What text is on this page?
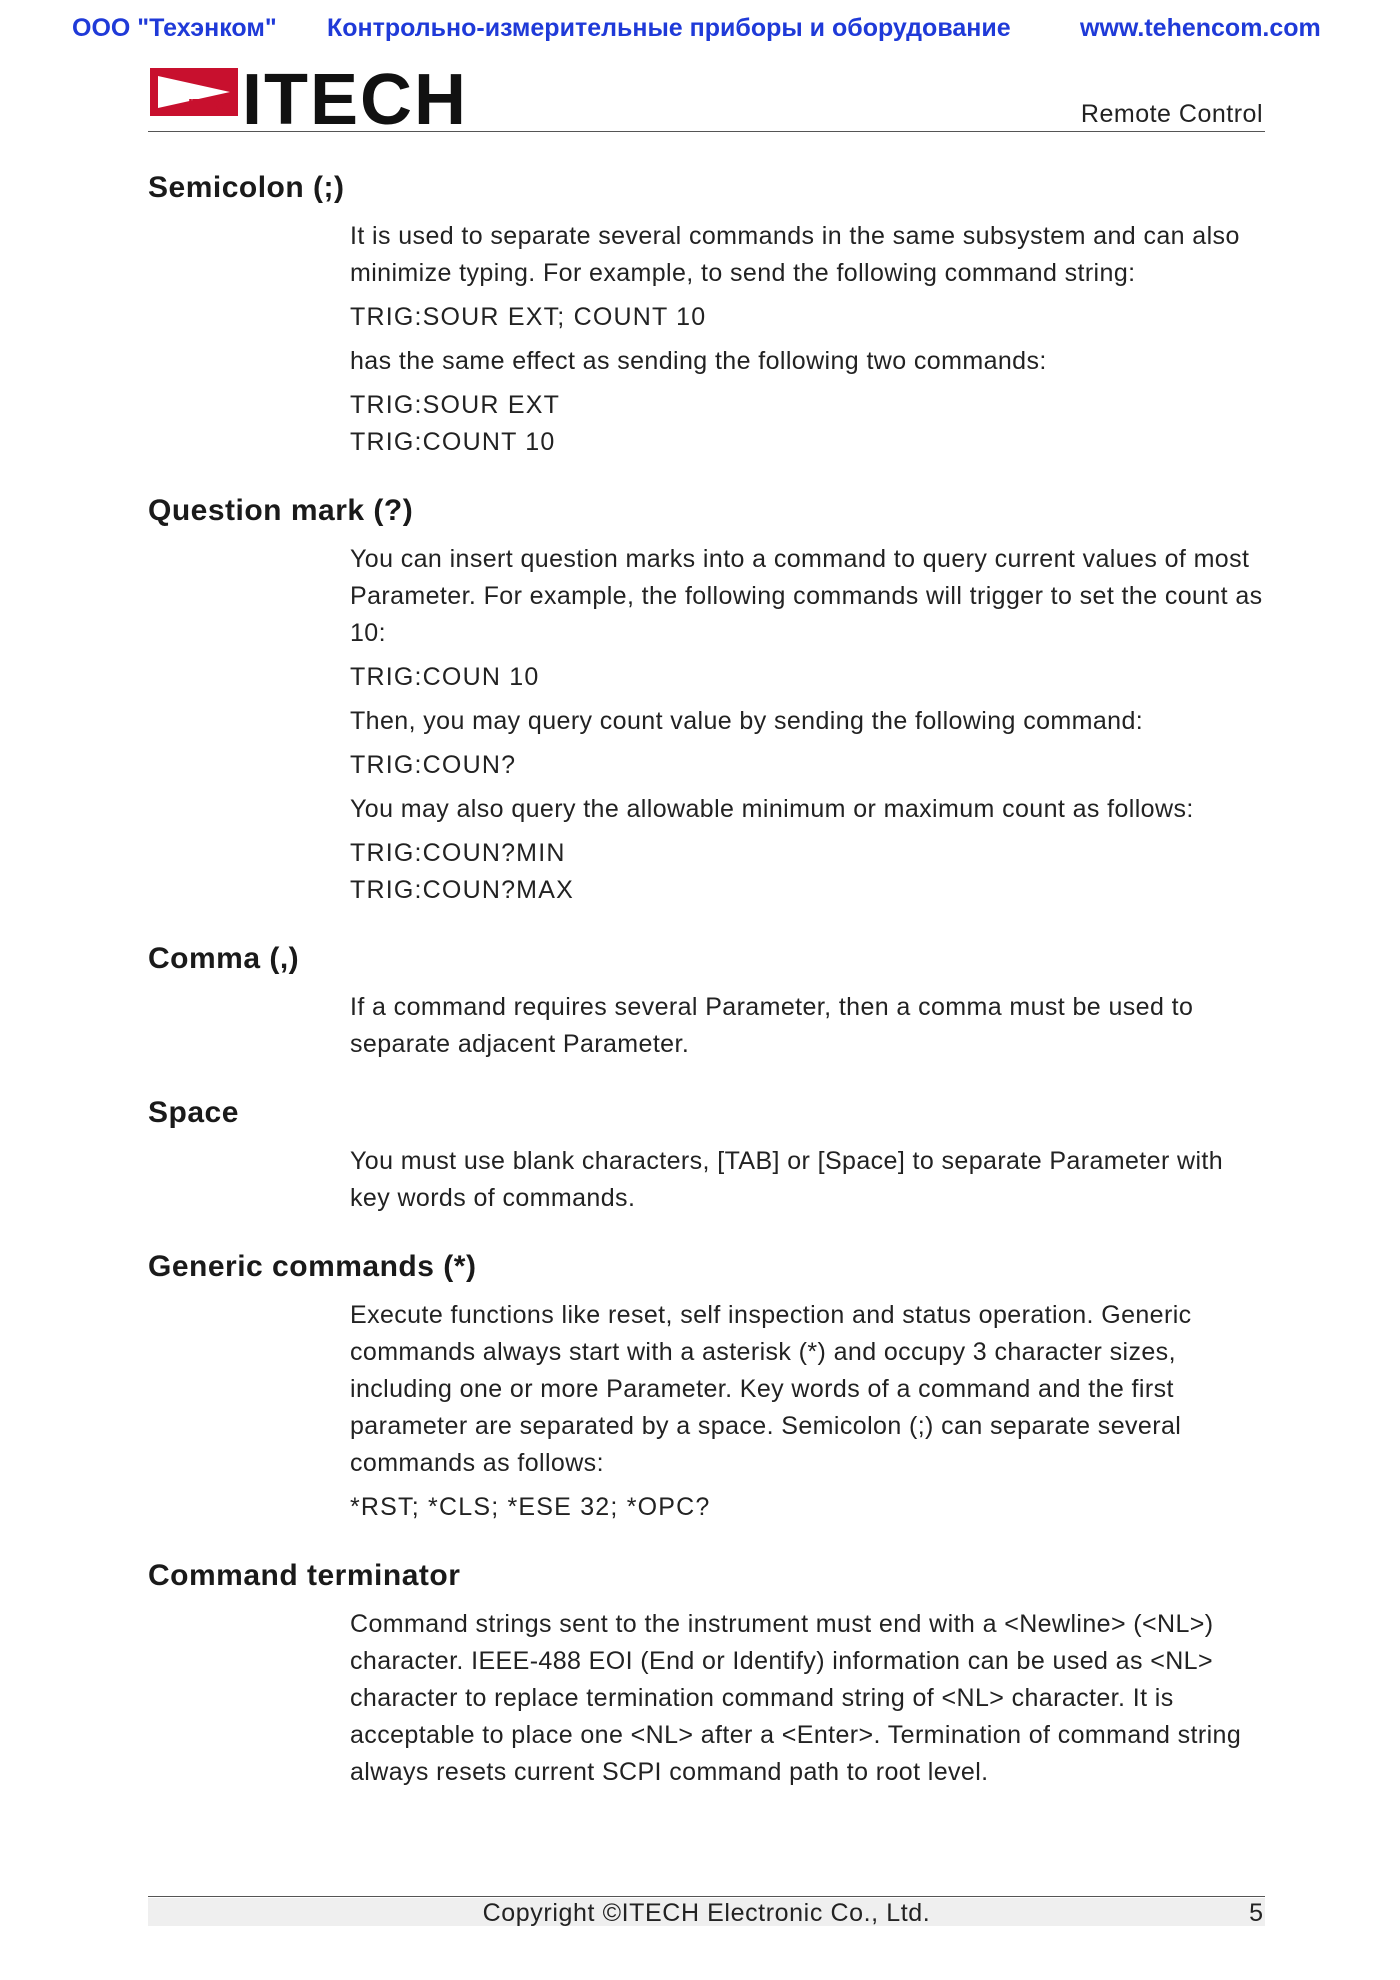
ООО "Техэнком" Контрольно-измерительные приборы и оборудование	www.tehencom.com
ITECH ITECH	Remote Control
Semicolon (;)

It is used to separate several commands in the same subsystem and can also minimize typing. For example, to send the following command string:

TRIG:SOUR EXT; COUNT 10

has the same effect as sending the following two commands:

TRIG:SOUR EXT
TRIG:COUNT 10
Question mark (?)

You can insert question marks into a command to query current values of most Parameter. For example, the following commands will trigger to set the count as 10:

TRIG:COUN 10

Then, you may query count value by sending the following command:

TRIG:COUN?

You may also query the allowable minimum or maximum count as follows:

TRIG:COUN?MIN
TRIG:COUN?MAX
Comma (,)

If a command requires several Parameter, then a comma must be used to separate adjacent Parameter.

Space

You must use blank characters, [TAB] or [Space] to separate Parameter with key words of commands.

Generic commands (*)

Execute functions like reset, self inspection and status operation. Generic commands always start with a asterisk (*) and occupy 3 character sizes, including one or more Parameter. Key words of a command and the first parameter are separated by a space. Semicolon (;) can separate several commands as follows:

*RST; *CLS; *ESE 32; *OPC?
Command terminator

Command strings sent to the instrument must end with a <Newline> (<NL>) character. IEEE-488 EOI (End or Identify) information can be used as <NL> character to replace termination command string of <NL> character. It is acceptable to place one <NL> after a <Enter>. Termination of command string always resets current SCPI command path to root level.

Copyright ©ITECH Electronic Co., Ltd.	5
